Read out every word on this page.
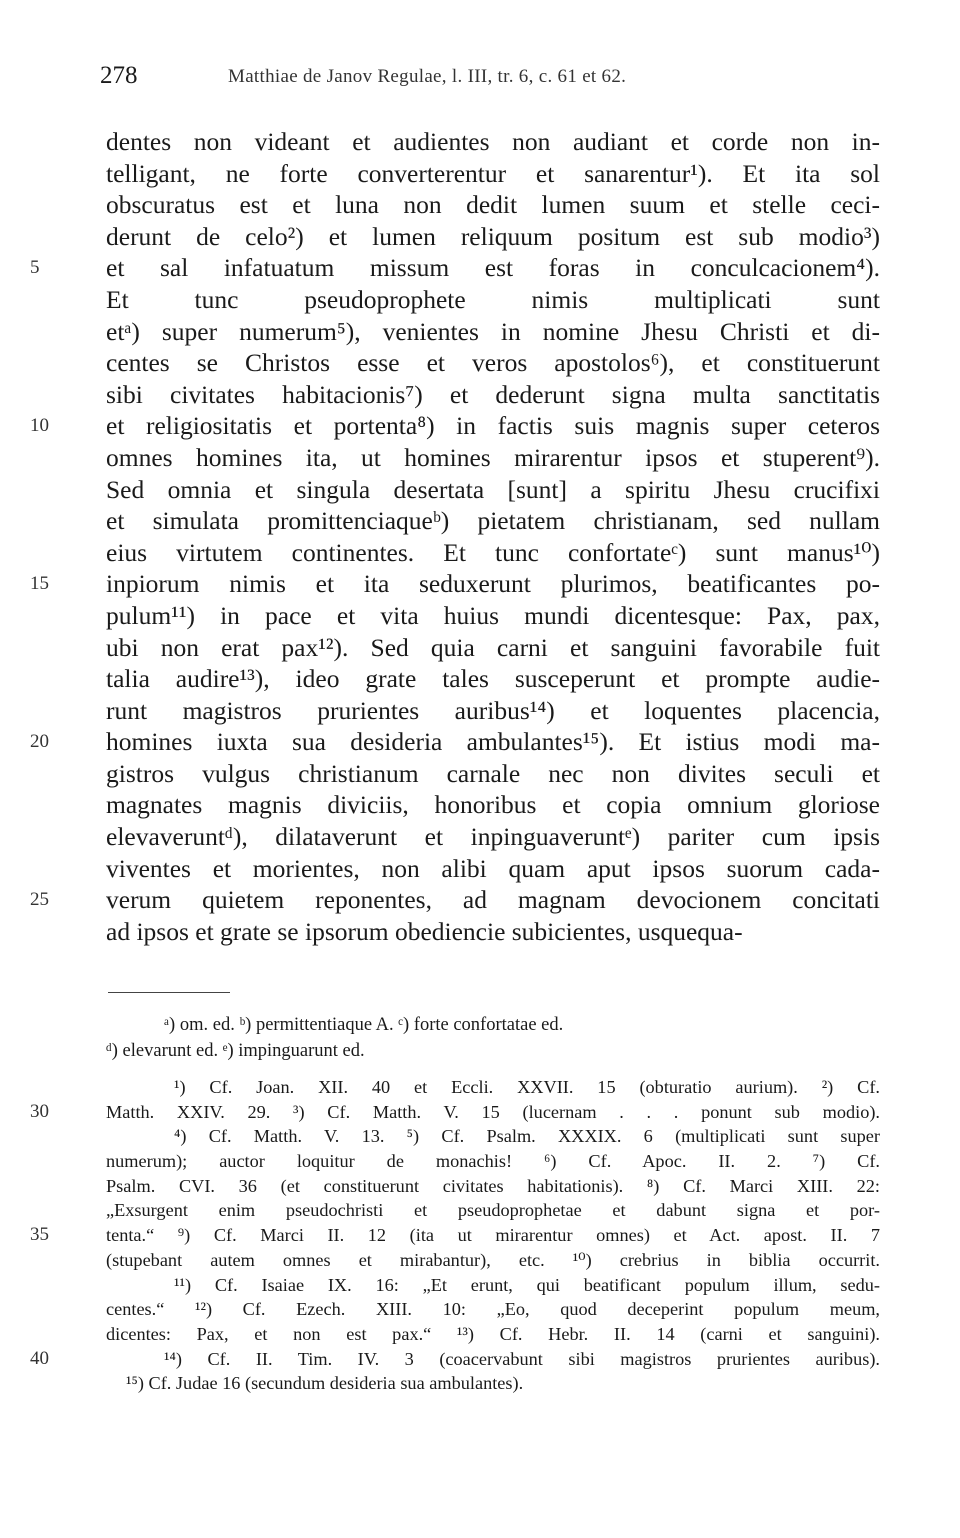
278	Matthiae de Janov Regulae, l. III, tr. 6, c. 61 et 62.
dentes non videant et audientes non audiant et corde non in-
telligant, ne forte converterentur et sanarentur¹). Et ita sol
obscuratus est et luna non dedit lumen suum et stelle ceci-
derunt de celo²) et lumen reliquum positum est sub modio³)
5	et sal infatuatum missum est foras in conculcacionem⁴).
Et tunc pseudoprophete nimis multiplicati sunt
etᵃ) super numerum⁵), venientes in nomine Jhesu Christi et di-
centes se Christos esse et veros apostolos⁶), et constituerunt
sibi civitates habitacionis⁷) et dederunt signa multa sanctitatis
10	et religiositatis et portenta⁸) in factis suis magnis super ceteros
omnes homines ita, ut homines mirarentur ipsos et stuperent⁹).
Sed omnia et singula desertata [sunt] a spiritu Jhesu crucifixi
et simulata promittenciaqueᵇ) pietatem christianam, sed nullam
eius virtutem continentes. Et tunc confortateᶜ) sunt manus¹⁰)
15	inpiorum nimis et ita seduxerunt plurimos, beatificantes po-
pulum¹¹) in pace et vita huius mundi dicentesque: Pax, pax,
ubi non erat pax¹²). Sed quia carni et sanguini favorabile fuit
talia audire¹³), ideo grate tales susceperunt et prompte audie-
runt magistros prurientes auribus¹⁴) et loquentes placencia,
20	homines iuxta sua desideria ambulantes¹⁵). Et istius modi ma-
gistros vulgus christianum carnale nec non divites seculi et
magnates magnis diviciis, honoribus et copia omnium gloriose
elevaveruntᵈ), dilataverunt et inpinguaveruntᵉ) pariter cum ipsis
viventes et morientes, non alibi quam aput ipsos suorum cada-
25	verum quietem reponentes, ad magnam devocionem concitati
ad ipsos et grate se ipsorum obediencie subicientes, usquequa-
ᵃ) om. ed. ᵇ) permittentiaque A. ᶜ) forte confortatae ed.
ᵈ) elevarunt ed. ᵉ) impinguarunt ed.
¹) Cf. Joan. XII. 40 et Eccli. XXVII. 15 (obturatio aurium). ²) Cf.
30	Matth. XXIV. 29. ³) Cf. Matth. V. 15 (lucernam . . . ponunt sub modio).
⁴) Cf. Matth. V. 13. ⁵) Cf. Psalm. XXXIX. 6 (multiplicati sunt super
numerum); auctor loquitur de monachis! ⁶) Cf. Apoc. II. 2. ⁷) Cf.
Psalm. CVI. 36 (et constituerunt civitates habitationis). ⁸) Cf. Marci XIII. 22:
„Exsurgent enim pseudochristi et pseudoprophetae et dabunt signa et por-
35	tenta.“ ⁹) Cf. Marci II. 12 (ita ut mirarentur omnes) et Act. apost. II. 7
(stupebant autem omnes et mirabantur), etc. ¹⁰) crebrius in biblia occurrit.
¹¹) Cf. Isaiae IX. 16: „Et erunt, qui beatificant populum illum, sedu-
centes.“ ¹²) Cf. Ezech. XIII. 10: „Eo, quod deceperint populum meum,
dicentes: Pax, et non est pax.“ ¹³) Cf. Hebr. II. 14 (carni et sanguini).
40	¹⁴) Cf. II. Tim. IV. 3 (coacervabunt sibi magistros prurientes auribus).
¹⁵) Cf. Judae 16 (secundum desideria sua ambulantes).
